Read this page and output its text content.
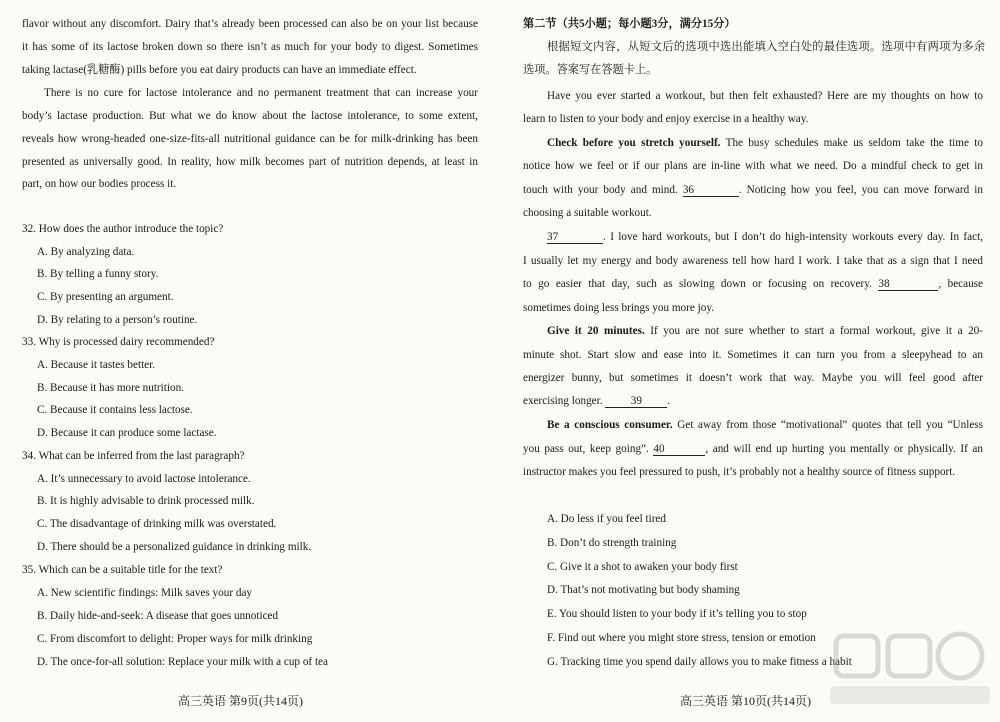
flavor without any discomfort. Dairy that’s already been processed can also be on your list because
it has some of its lactose broken down so there isn’t as much for your body to digest. Sometimes
taking lactase(乳糖酶) pills before you eat dairy products can have an immediate effect.
There is no cure for lactose intolerance and no permanent treatment that can increase your
body’s lactase production. But what we do know about the lactose intolerance, to some extent,
reveals how wrong-headed one-size-fits-all nutritional guidance can be for milk-drinking has been
presented as universally good. In reality, how milk becomes part of nutrition depends, at least in
part, on how our bodies process it.
32. How does the author introduce the topic?
A. By analyzing data.
B. By telling a funny story.
C. By presenting an argument.
D. By relating to a person’s routine.
33. Why is processed dairy recommended?
A. Because it tastes better.
B. Because it has more nutrition.
C. Because it contains less lactose.
D. Because it can produce some lactase.
34. What can be inferred from the last paragraph?
A. It’s unnecessary to avoid lactose intolerance.
B. It is highly advisable to drink processed milk.
C. The disadvantage of drinking milk was overstated.
D. There should be a personalized guidance in drinking milk.
35. Which can be a suitable title for the text?
A. New scientific findings: Milk saves your day
B. Daily hide-and-seek: A disease that goes unnoticed
C. From discomfort to delight: Proper ways for milk drinking
D. The once-for-all solution: Replace your milk with a cup of tea
高三英语 第9页(共14页)
第二节（共5小题；每小题3分，满分15分）
根据短文内容，从短文后的选项中选出能填入空白处的最佳选项。选项中有两项为多余
选项。答案写在答题卡上。
Have you ever started a workout, but then felt exhausted? Here are my thoughts on how to
learn to listen to your body and enjoy exercise in a healthy way.
Check before you stretch yourself. The busy schedules make us seldom take the time to
notice how we feel or if our plans are in-line with what we need. Do a mindful check to get in
touch with your body and mind. 36	. Noticing how you feel, you can move forward in
choosing a suitable workout.
37	. I love hard workouts, but I don’t do high-intensity workouts every day. In fact,
I usually let my energy and body awareness tell how hard I work. I take that as a sign that I need
to go easier that day, such as slowing down or focusing on recovery. 38	, because
sometimes doing less brings you more joy.
Give it 20 minutes. If you are not sure whether to start a formal workout, give it a 20-
minute shot. Start slow and ease into it. Sometimes it can turn you from a sleepyhead to an
energizer bunny, but sometimes it doesn’t work that way. Maybe you will feel good after
exercising longer. 39 .
Be a conscious consumer. Get away from those “motivational” quotes that tell you “Unless
you pass out, keep going”. 40	, and will end up hurting you mentally or physically. If an
instructor makes you feel pressured to push, it’s probably not a healthy source of fitness support.
A. Do less if you feel tired
B. Don’t do strength training
C. Give it a shot to awaken your body first
D. That’s not motivating but body shaming
E. You should listen to your body if it’s telling you to stop
F. Find out where you might store stress, tension or emotion
G. Tracking time you spend daily allows you to make fitness a habit
高三英语 第10页(共14页)
